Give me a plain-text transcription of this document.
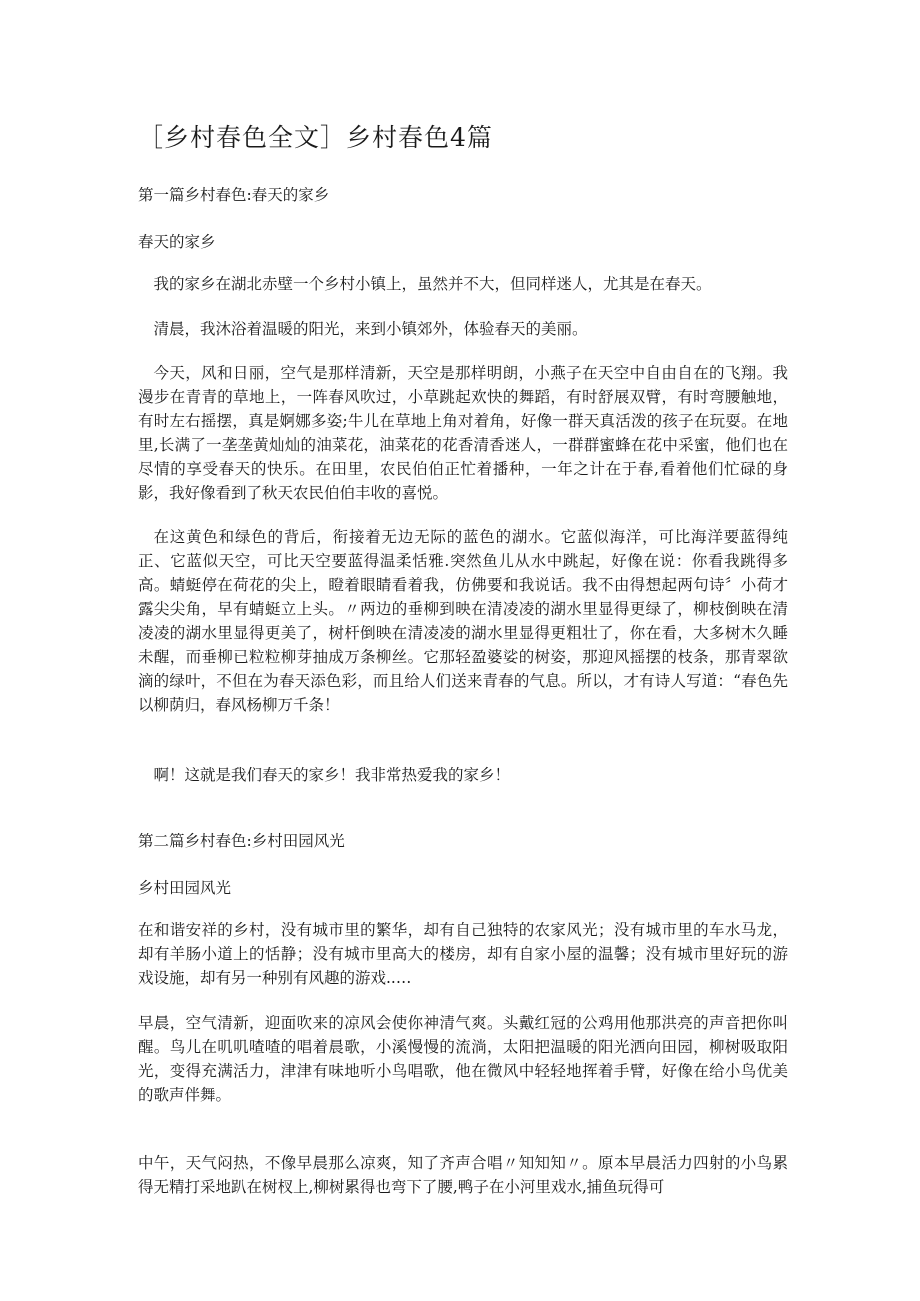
［乡村春色全文］乡村春色4篇
第一篇乡村春色:春天的家乡
春天的家乡

我的家乡在湖北赤壁一个乡村小镇上，虽然并不大，但同样迷人，尤其是在春天。

清晨，我沐浴着温暖的阳光，来到小镇郊外，体验春天的美丽。

今天，风和日丽，空气是那样清新，天空是那样明朗，小燕子在天空中自由自在的飞翔。我漫步在青青的草地上，一阵春风吹过，小草跳起欢快的舞蹈，有时舒展双臂，有时弯腰触地，有时左右摇摆，真是婀娜多姿;牛儿在草地上角对着角，好像一群天真活泼的孩子在玩耍。在地里,长满了一垄垄黄灿灿的油菜花，油菜花的花香清香迷人，一群群蜜蜂在花中采蜜，他们也在尽情的享受春天的快乐。在田里，农民伯伯正忙着播种，一年之计在于春,看着他们忙碌的身影，我好像看到了秋天农民伯伯丰收的喜悦。

在这黄色和绿色的背后，衔接着无边无际的蓝色的湖水。它蓝似海洋，可比海洋要蓝得纯正、它蓝似天空，可比天空要蓝得温柔恬雅.突然鱼儿从水中跳起，好像在说：你看我跳得多高。蜻蜓停在荷花的尖上，瞪着眼睛看着我，仿佛要和我说话。我不由得想起两句诗〞小荷才露尖尖角，早有蜻蜓立上头。〃两边的垂柳到映在清凌凌的湖水里显得更绿了，柳枝倒映在清凌凌的湖水里显得更美了，树杆倒映在清凌凌的湖水里显得更粗壮了，你在看，大多树木久睡未醒，而垂柳已粒粒柳芽抽成万条柳丝。它那轻盈婆娑的树姿，那迎风摇摆的枝条，那青翠欲滴的绿叶，不但在为春天添色彩，而且给人们送来青春的气息。所以，才有诗人写道：“春色先以柳荫归，春风杨柳万千条！

啊！这就是我们春天的家乡！我非常热爱我的家乡！

第二篇乡村春色:乡村田园风光
乡村田园风光

在和谐安祥的乡村，没有城市里的繁华，却有自己独特的农家风光；没有城市里的车水马龙，却有羊肠小道上的恬静；没有城市里高大的楼房，却有自家小屋的温馨；没有城市里好玩的游戏设施，却有另一种别有风趣的游戏..…

早晨，空气清新，迎面吹来的凉风会使你神清气爽。头戴红冠的公鸡用他那洪亮的声音把你叫醒。鸟儿在叽叽喳喳的唱着晨歌，小溪慢慢的流淌，太阳把温暖的阳光洒向田园，柳树吸取阳光，变得充满活力，津津有味地听小鸟唱歌，他在微风中轻轻地挥着手臂，好像在给小鸟优美的歌声伴舞。

中午，天气闷热，不像早晨那么凉爽，知了齐声合唱〃知知知〃。原本早晨活力四射的小鸟累得无精打采地趴在树杈上,柳树累得也弯下了腰,鸭子在小河里戏水,捕鱼玩得可
